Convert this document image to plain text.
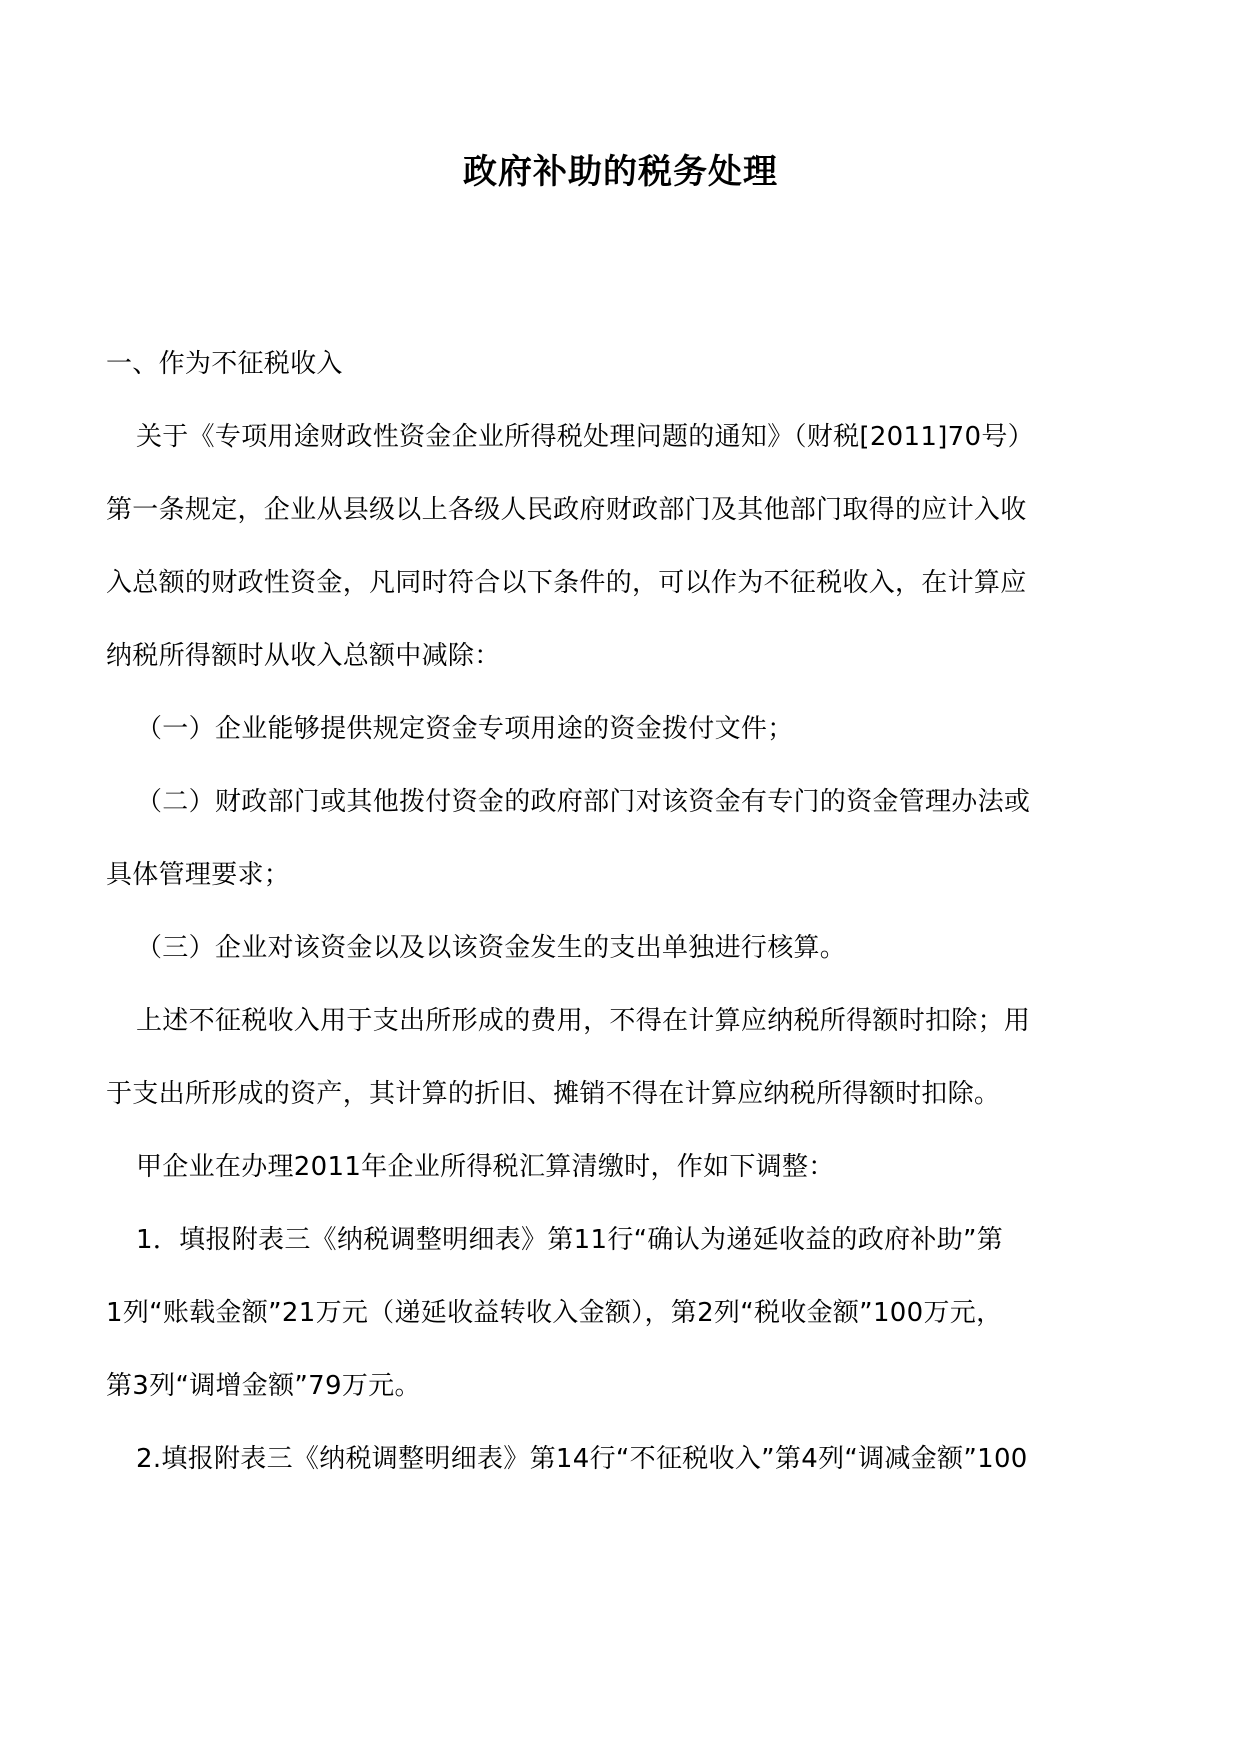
政府补助的税务处理
一、作为不征税收入
关于《专项用途财政性资金企业所得税处理问题的通知》（财税[2011]70号）
第一条规定，企业从县级以上各级人民政府财政部门及其他部门取得的应计入收
入总额的财政性资金，凡同时符合以下条件的，可以作为不征税收入，在计算应
纳税所得额时从收入总额中减除：
（一）企业能够提供规定资金专项用途的资金拨付文件；
（二）财政部门或其他拨付资金的政府部门对该资金有专门的资金管理办法或
具体管理要求；
（三）企业对该资金以及以该资金发生的支出单独进行核算。
上述不征税收入用于支出所形成的费用，不得在计算应纳税所得额时扣除；用
于支出所形成的资产，其计算的折旧、摊销不得在计算应纳税所得额时扣除。
甲企业在办理2011年企业所得税汇算清缴时，作如下调整：
1．填报附表三《纳税调整明细表》第11行“确认为递延收益的政府补助”第
1列“账载金额”21万元（递延收益转收入金额），第2列“税收金额”100万元，
第3列“调增金额”79万元。
2.填报附表三《纳税调整明细表》第14行“不征税收入”第4列“调减金额”100
